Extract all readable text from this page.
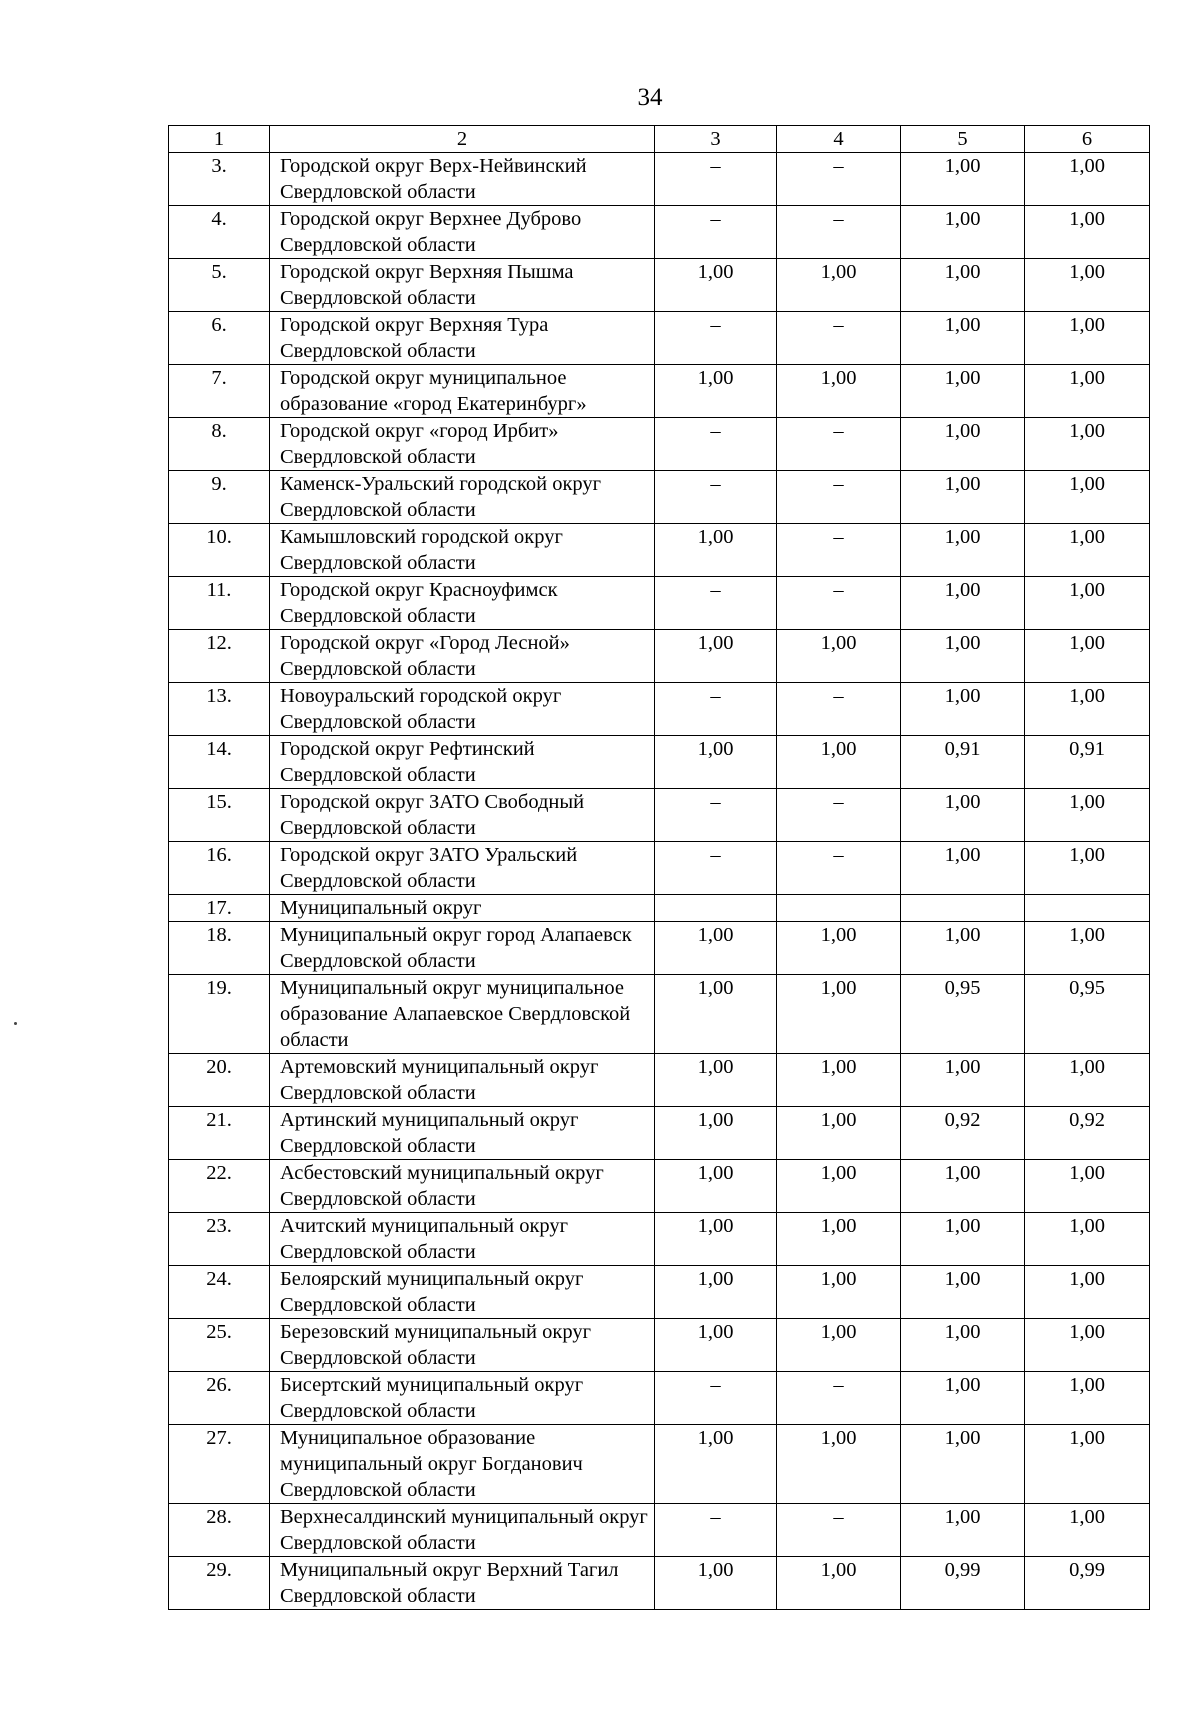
34
1	2	3	4	5	6
3.	Городской округ Верх-Нейвинский Свердловской области	–	–	1,00	1,00
4.	Городской округ Верхнее Дуброво Свердловской области	–	–	1,00	1,00
5.	Городской округ Верхняя Пышма Свердловской области	1,00	1,00	1,00	1,00
6.	Городской округ Верхняя Тура Свердловской области	–	–	1,00	1,00
7.	Городской округ муниципальное образование «город Екатеринбург»	1,00	1,00	1,00	1,00
8.	Городской округ «город Ирбит» Свердловской области	–	–	1,00	1,00
9.	Каменск-Уральский городской округ Свердловской области	–	–	1,00	1,00
10.	Камышловский городской округ Свердловской области	1,00	–	1,00	1,00
11.	Городской округ Красноуфимск Свердловской области	–	–	1,00	1,00
12.	Городской округ «Город Лесной» Свердловской области	1,00	1,00	1,00	1,00
13.	Новоуральский городской округ Свердловской области	–	–	1,00	1,00
14.	Городской округ Рефтинский Свердловской области	1,00	1,00	0,91	0,91
15.	Городской округ ЗАТО Свободный Свердловской области	–	–	1,00	1,00
16.	Городской округ ЗАТО Уральский Свердловской области	–	–	1,00	1,00
17.	Муниципальный округ				
18.	Муниципальный округ город Алапаевск Свердловской области	1,00	1,00	1,00	1,00
19.	Муниципальный округ муниципальное образование Алапаевское Свердловской области	1,00	1,00	0,95	0,95
20.	Артемовский муниципальный округ Свердловской области	1,00	1,00	1,00	1,00
21.	Артинский муниципальный округ Свердловской области	1,00	1,00	0,92	0,92
22.	Асбестовский муниципальный округ Свердловской области	1,00	1,00	1,00	1,00
23.	Ачитский муниципальный округ Свердловской области	1,00	1,00	1,00	1,00
24.	Белоярский муниципальный округ Свердловской области	1,00	1,00	1,00	1,00
25.	Березовский муниципальный округ Свердловской области	1,00	1,00	1,00	1,00
26.	Бисертский муниципальный округ Свердловской области	–	–	1,00	1,00
27.	Муниципальное образование муниципальный округ Богданович Свердловской области	1,00	1,00	1,00	1,00
28.	Верхнесалдинский муниципальный округ Свердловской области	–	–	1,00	1,00
29.	Муниципальный округ Верхний Тагил Свердловской области	1,00	1,00	0,99	0,99
